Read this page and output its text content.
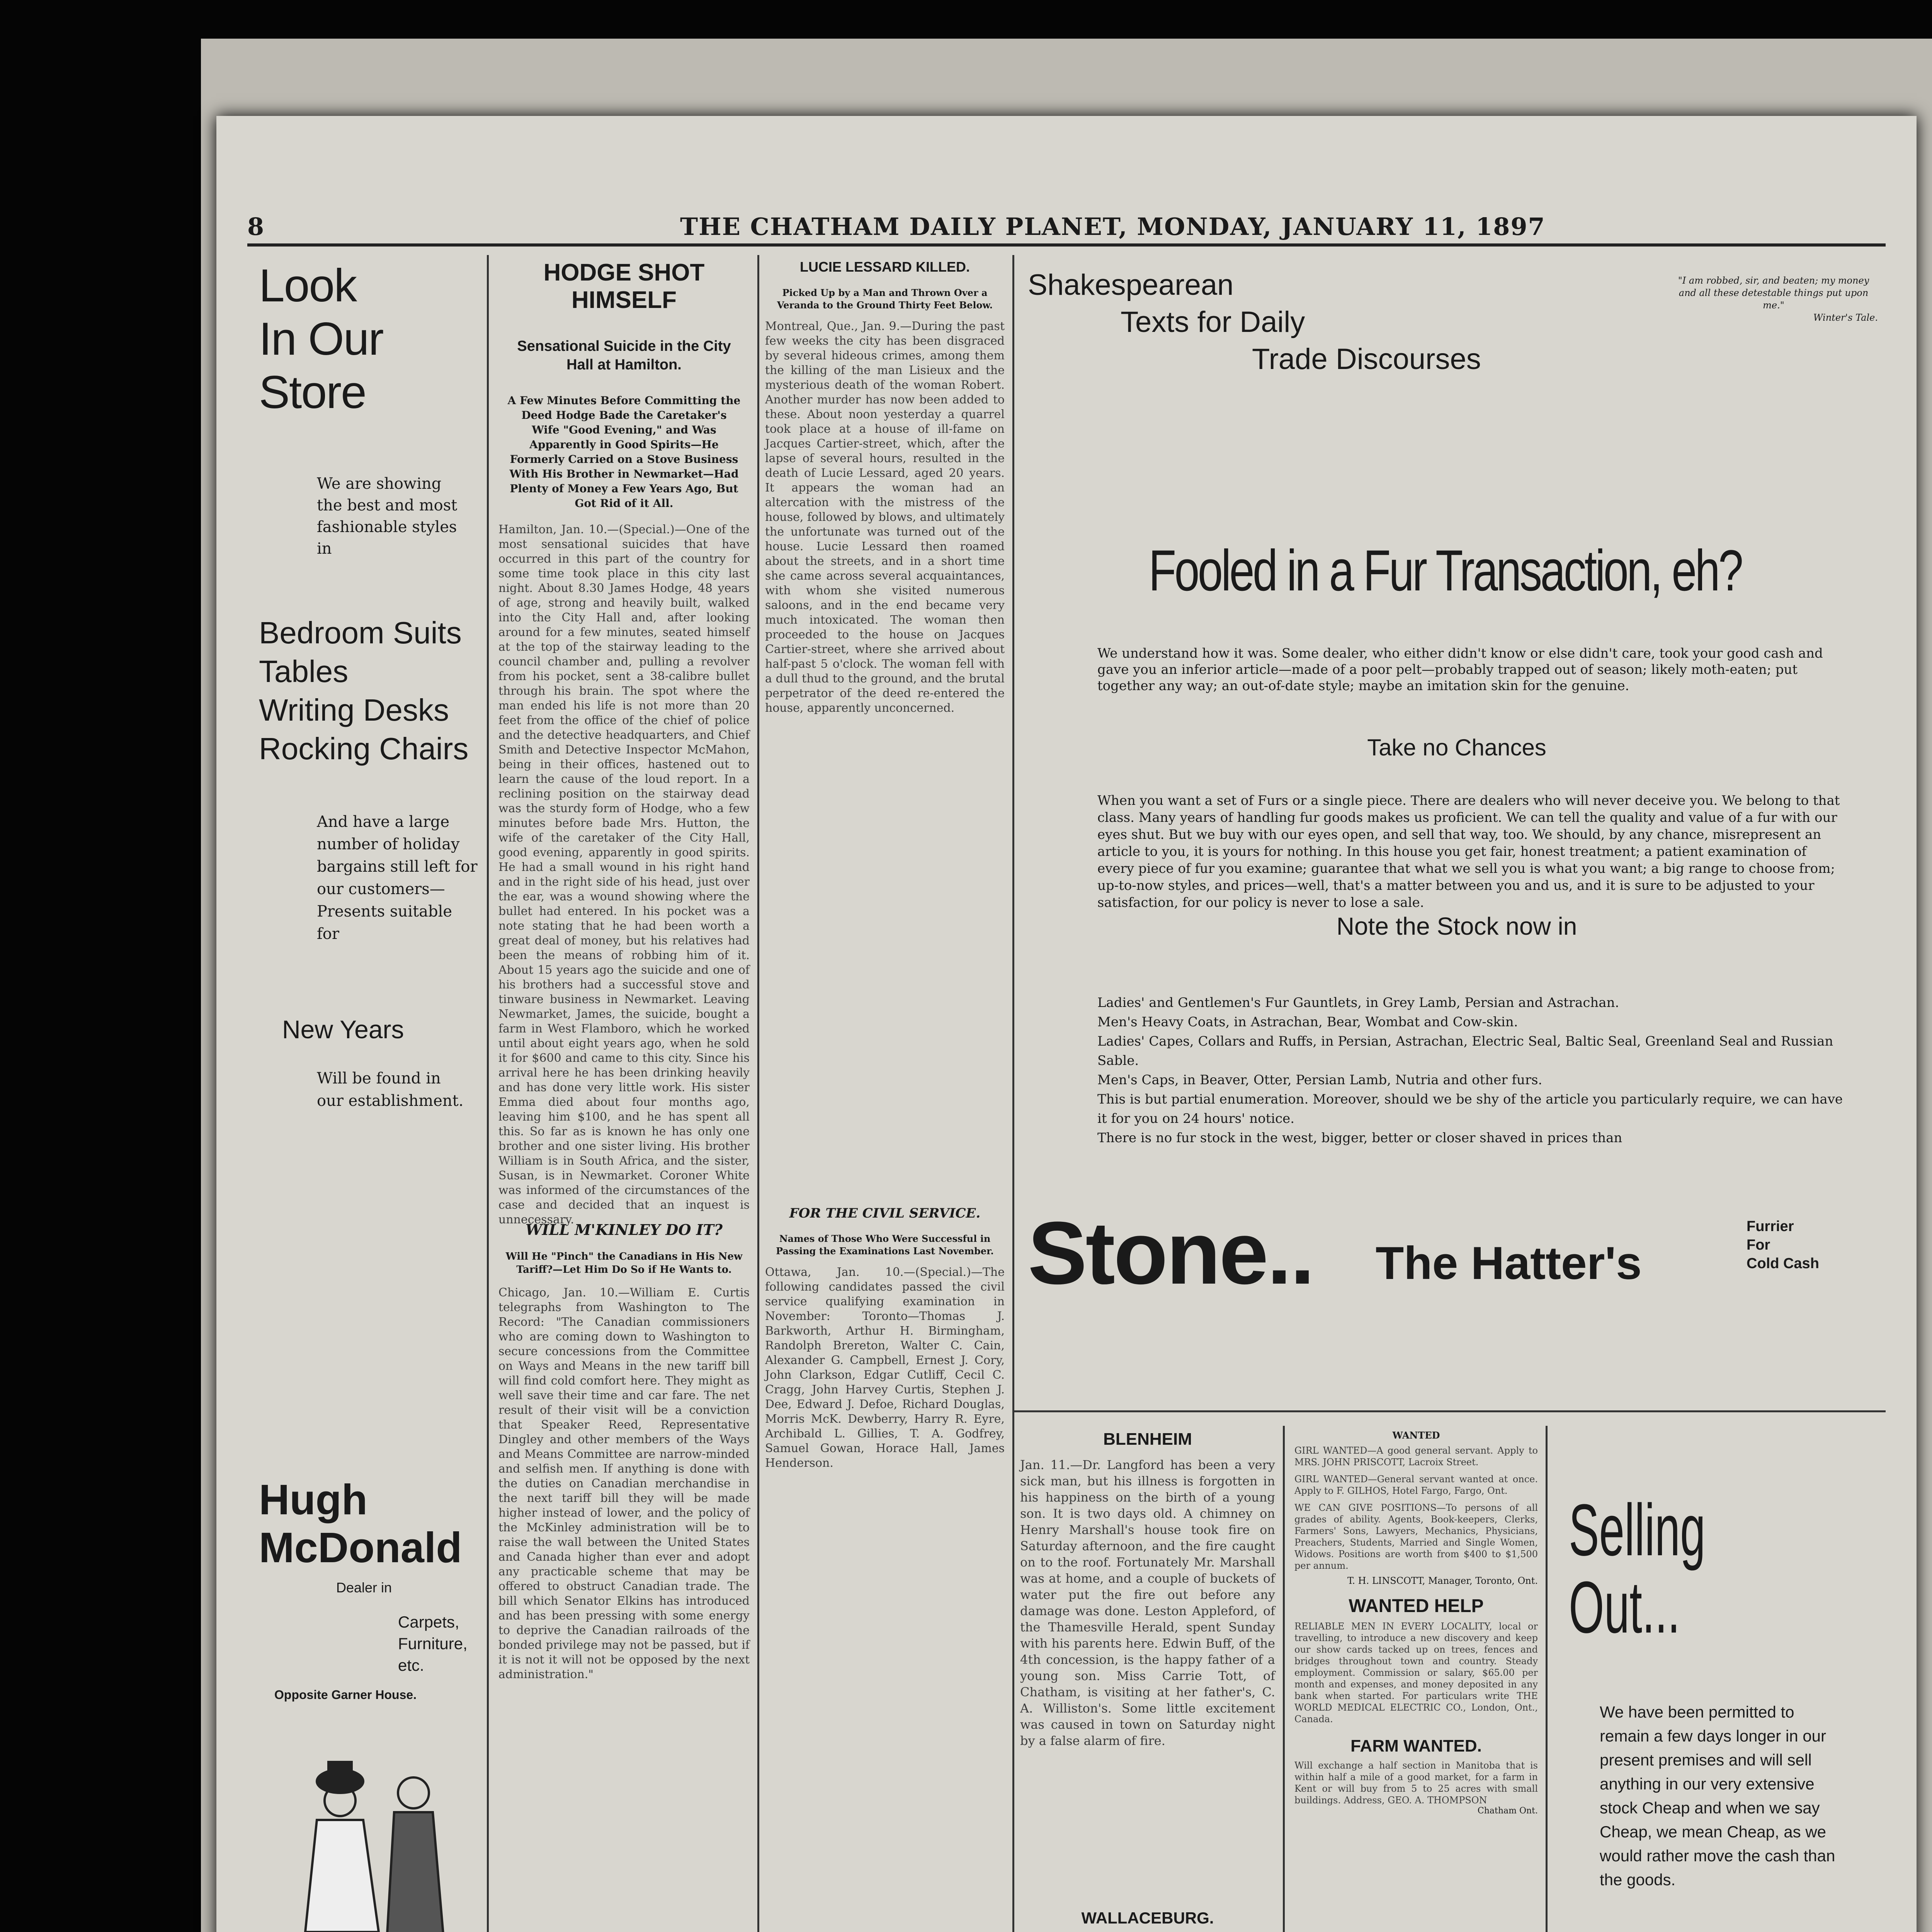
8	THE CHATHAM DAILY PLANET, MONDAY, JANUARY 11, 1897
Look
In Our
Store
We are showing the best and most fashionable styles in
Bedroom Suits
Tables
Writing Desks
Rocking Chairs
And have a large number of holiday bargains still left for our customers—Presents suitable for
New Years
Will be found in our establishment.
Hugh
McDonald
Dealer in
Carpets,
Furniture, etc.
Opposite Garner House.
HODGE SHOT HIMSELF
Sensational Suicide in the City Hall at Hamilton.
A Few Minutes Before Committing the Deed Hodge Bade the Caretaker's Wife "Good Evening," and Was Apparently in Good Spirits—He Formerly Carried on a Stove Business With His Brother in Newmarket—Had Plenty of Money a Few Years Ago, But Got Rid of it All.
Hamilton, Jan. 10.—(Special.)—One of the most sensational suicides that have occurred in this part of the country for some time took place in this city last night. About 8.30 James Hodge, 48 years of age, strong and heavily built, walked into the City Hall and, after looking around for a few minutes, seated himself at the top of the stairway leading to the council chamber and, pulling a revolver from his pocket, sent a 38-calibre bullet through his brain. The spot where the man ended his life is not more than 20 feet from the office of the chief of police and the detective headquarters, and Chief Smith and Detective Inspector McMahon, being in their offices, hastened out to learn the cause of the loud report. In a reclining position on the stairway dead was the sturdy form of Hodge, who a few minutes before bade Mrs. Hutton, the wife of the caretaker of the City Hall, good evening, apparently in good spirits. He had a small wound in his right hand and in the right side of his head, just over the ear, was a wound showing where the bullet had entered. In his pocket was a note stating that he had been worth a great deal of money, but his relatives had been the means of robbing him of it. About 15 years ago the suicide and one of his brothers had a successful stove and tinware business in Newmarket. Leaving Newmarket, James, the suicide, bought a farm in West Flamboro, which he worked until about eight years ago, when he sold it for $600 and came to this city. Since his arrival here he has been drinking heavily and has done very little work. His sister Emma died about four months ago, leaving him $100, and he has spent all this. So far as is known he has only one brother and one sister living. His brother William is in South Africa, and the sister, Susan, is in Newmarket. Coroner White was informed of the circumstances of the case and decided that an inquest is unnecessary.
WILL M'KINLEY DO IT?
Will He "Pinch" the Canadians in His New Tariff?—Let Him Do So if He Wants to.
Chicago, Jan. 10.—William E. Curtis telegraphs from Washington to The Record: "The Canadian commissioners who are coming down to Washington to secure concessions from the Committee on Ways and Means in the new tariff bill will find cold comfort here. They might as well save their time and car fare. The net result of their visit will be a conviction that Speaker Reed, Representative Dingley and other members of the Ways and Means Committee are narrow-minded and selfish men. If anything is done with the duties on Canadian merchandise in the next tariff bill they will be made higher instead of lower, and the policy of the McKinley administration will be to raise the wall between the United States and Canada higher than ever and adopt any practicable scheme that may be offered to obstruct Canadian trade. The bill which Senator Elkins has introduced and has been pressing with some energy to deprive the Canadian railroads of the bonded privilege may not be passed, but if it is not it will not be opposed by the next administration."
LUCIE LESSARD KILLED.
Picked Up by a Man and Thrown Over a Veranda to the Ground Thirty Feet Below.
Montreal, Que., Jan. 9.—During the past few weeks the city has been disgraced by several hideous crimes, among them the killing of the man Lisieux and the mysterious death of the woman Robert. Another murder has now been added to these. About noon yesterday a quarrel took place at a house of ill-fame on Jacques Cartier-street, which, after the lapse of several hours, resulted in the death of Lucie Lessard, aged 20 years. It appears the woman had an altercation with the mistress of the house, followed by blows, and ultimately the unfortunate was turned out of the house. Lucie Lessard then roamed about the streets, and in a short time she came across several acquaintances, with whom she visited numerous saloons, and in the end became very much intoxicated. The woman then proceeded to the house on Jacques Cartier-street, where she arrived about half-past 5 o'clock. The woman fell with a dull thud to the ground, and the brutal perpetrator of the deed re-entered the house, apparently unconcerned.
FOR THE CIVIL SERVICE.
Names of Those Who Were Successful in Passing the Examinations Last November.
Ottawa, Jan. 10.—(Special.)—The following candidates passed the civil service qualifying examination in November: Toronto—Thomas J. Barkworth, Arthur H. Birmingham, Randolph Brereton, Walter C. Cain, Alexander G. Campbell, Ernest J. Cory, John Clarkson, Edgar Cutliff, Cecil C. Cragg, John Harvey Curtis, Stephen J. Dee, Edward J. Defoe, Richard Douglas, Morris McK. Dewberry, Harry R. Eyre, Archibald L. Gillies, T. A. Godfrey, Samuel Gowan, Horace Hall, James Henderson.
Shakespearean
Texts for Daily
Trade Discourses
"I am robbed, sir, and beaten; my money and all these detestable things put upon me."
Winter's Tale.
Fooled in a Fur Transaction, eh?
We understand how it was. Some dealer, who either didn't know or else didn't care, took your good cash and gave you an inferior article—made of a poor pelt—probably trapped out of season; likely moth-eaten; put together any way; an out-of-date style; maybe an imitation skin for the genuine.
Take no Chances
When you want a set of Furs or a single piece. There are dealers who will never deceive you. We belong to that class. Many years of handling fur goods makes us proficient. We can tell the quality and value of a fur with our eyes shut. But we buy with our eyes open, and sell that way, too. We should, by any chance, misrepresent an article to you, it is yours for nothing. In this house you get fair, honest treatment; a patient examination of every piece of fur you examine; guarantee that what we sell you is what you want; a big range to choose from; up-to-now styles, and prices—well, that's a matter between you and us, and it is sure to be adjusted to your satisfaction, for our policy is never to lose a sale.
Note the Stock now in
Ladies' and Gentlemen's Fur Gauntlets, in Grey Lamb, Persian and Astrachan.
Men's Heavy Coats, in Astrachan, Bear, Wombat and Cow-skin.
Ladies' Capes, Collars and Ruffs, in Persian, Astrachan, Electric Seal, Baltic Seal, Greenland Seal and Russian Sable.
Men's Caps, in Beaver, Otter, Persian Lamb, Nutria and other furs.
This is but partial enumeration. Moreover, should we be shy of the article you particularly require, we can have it for you on 24 hours' notice.
There is no fur stock in the west, bigger, better or closer shaved in prices than
Stone.. The Hatter's
Furrier
For
Cold Cash
BLENHEIM
Jan. 11.—Dr. Langford has been a very sick man, but his illness is forgotten in his happiness on the birth of a young son. It is two days old. A chimney on Henry Marshall's house took fire on Saturday afternoon, and the fire caught on to the roof. Fortunately Mr. Marshall was at home, and a couple of buckets of water put the fire out before any damage was done. Leston Appleford, of the Thamesville Herald, spent Sunday with his parents here. Edwin Buff, of the 4th concession, is the happy father of a young son. Miss Carrie Tott, of Chatham, is visiting at her father's, C. A. Williston's. Some little excitement was caused in town on Saturday night by a false alarm of fire.
WALLACEBURG.
WANTED
GIRL WANTED—A good general servant. Apply to MRS. JOHN PRISCOTT, Lacroix Street.
GIRL WANTED—General servant wanted at once. Apply to F. GILHOS, Hotel Fargo, Fargo, Ont.
WE CAN GIVE POSITIONS—To persons of all grades of ability. Agents, Book-keepers, Clerks, Farmers' Sons, Lawyers, Mechanics, Physicians, Preachers, Students, Married and Single Women, Widows. Positions are worth from $400 to $1,500 per annum.
T. H. LINSCOTT, Manager, Toronto, Ont.
WANTED HELP
RELIABLE MEN IN EVERY LOCALITY, local or travelling, to introduce a new discovery and keep our show cards tacked up on trees, fences and bridges throughout town and country. Steady employment. Commission or salary, $65.00 per month and expenses, and money deposited in any bank when started. For particulars write THE WORLD MEDICAL ELECTRIC CO., London, Ont., Canada.
FARM WANTED.
Will exchange a half section in Manitoba that is within half a mile of a good market, for a farm in Kent or will buy from 5 to 25 acres with small buildings. Address, GEO. A. THOMPSON
Chatham Ont.
Selling
Out...
We have been permitted to remain a few days longer in our present premises and will sell anything in our very extensive stock Cheap and when we say Cheap, we mean Cheap, as we would rather move the cash than the goods.
